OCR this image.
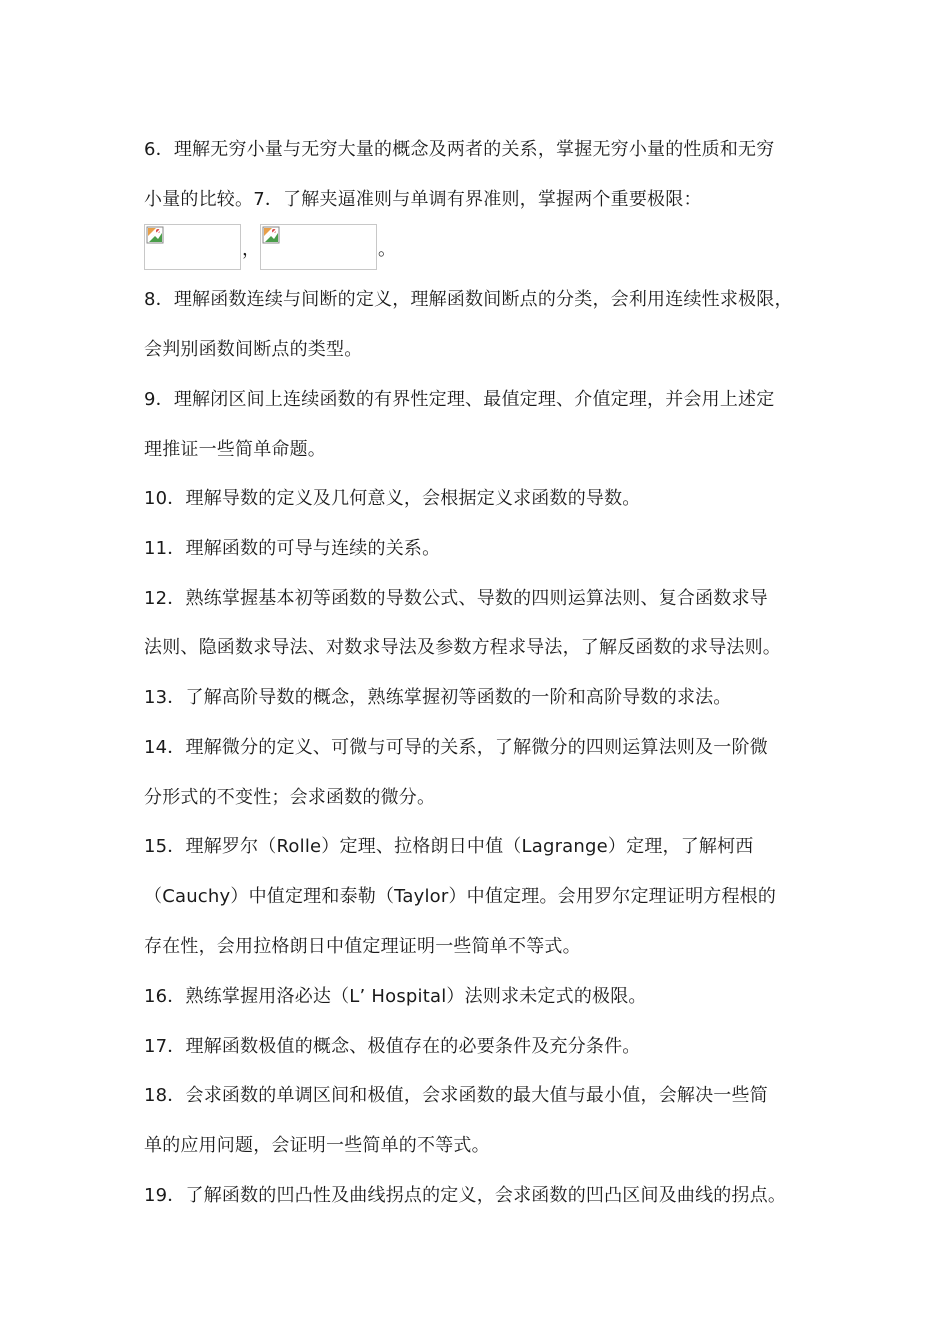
6．理解无穷小量与无穷大量的概念及两者的关系，掌握无穷小量的性质和无穷
小量的比较。7．了解夹逼准则与单调有界准则，掌握两个重要极限：
，	。
8．理解函数连续与间断的定义，理解函数间断点的分类，会利用连续性求极限，
会判别函数间断点的类型。
9．理解闭区间上连续函数的有界性定理、最值定理、介值定理，并会用上述定
理推证一些简单命题。
10．理解导数的定义及几何意义，会根据定义求函数的导数。
11．理解函数的可导与连续的关系。
12．熟练掌握基本初等函数的导数公式、导数的四则运算法则、复合函数求导
法则、隐函数求导法、对数求导法及参数方程求导法，了解反函数的求导法则。
13．了解高阶导数的概念，熟练掌握初等函数的一阶和高阶导数的求法。
14．理解微分的定义、可微与可导的关系，了解微分的四则运算法则及一阶微
分形式的不变性；会求函数的微分。
15．理解罗尔（Rolle）定理、拉格朗日中值（Lagrange）定理，了解柯西
（Cauchy）中值定理和泰勒（Taylor）中值定理。会用罗尔定理证明方程根的
存在性，会用拉格朗日中值定理证明一些简单不等式。
16．熟练掌握用洛必达（L’ Hospital）法则求未定式的极限。
17．理解函数极值的概念、极值存在的必要条件及充分条件。
18．会求函数的单调区间和极值，会求函数的最大值与最小值，会解决一些简
单的应用问题，会证明一些简单的不等式。
19．了解函数的凹凸性及曲线拐点的定义，会求函数的凹凸区间及曲线的拐点。
